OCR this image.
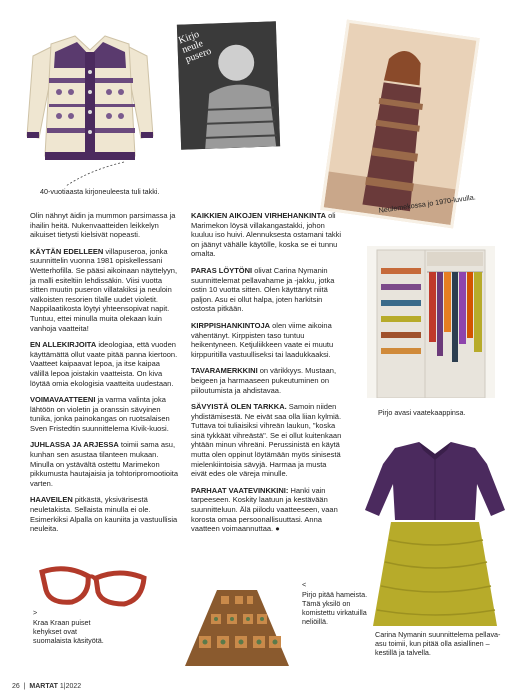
40-vuotiaasta kirjoneuleesta tuli takki.
Kirjo neule pusero
Neulemekossa jo 1970-luvulla.
Pirjo avasi vaatekaappinsa.

Olin nähnyt äidin ja mummon parsimassa ja ihailin heitä. Nukenvaatteiden leikkelyn aikuiset tietysti kielsivät nopeasti.

KÄYTÄN EDELLEEN villapuseroa, jonka suunnittelin vuonna 1981 opiskellessani Wetterhofilla. Se pääsi aikoinaan näyttelyyn, ja malli esiteltiin lehdissäkin. Viisi vuotta sitten muutin puseron villatakiksi ja neuloin valkoisten resorien tilalle uudet violetit. Nappilaatikosta löytyi yhteensopivat napit. Tuntuu, ettei minulla muita olekaan kuin vanhoja vaatteita!

EN ALLEKIRJOITA ideologiaa, että vuoden käyttämättä ollut vaate pitää panna kiertoon. Vaatteet kaipaavat lepoa, ja itse kaipaa välillä lepoa joistakin vaatteista. On kiva löytää omia ekologisia vaatteita uudestaan.

VOIMAVAATTEENI ja varma valinta joka lähtöön on violetin ja oranssin sävyinen tunika, jonka painokangas on ruotsalaisen Sven Fristedtin suunnittelema Kivik-kuosi.

JUHLASSA JA ARJESSA toimii sama asu, kunhan sen asustaa tilanteen mukaan. Minulla on ystävältä ostettu Marimekon pikkumusta hautajaisia ja tohtoripromootioita varten.

HAAVEILEN pitkästä, yksivärisestä neuletakista. Sellaista minulla ei ole. Esimerkiksi Alpalla on kauniita ja vastuullisia neuleita.

KAIKKIEN AIKOJEN VIRHEHANKINTA oli Marimekon löysä villakangastakki, johon kuuluu iso huivi. Alennuksesta ostamani takki on jäänyt vähälle käytölle, koska se ei tunnu omalta.

PARAS LÖYTÖNI olivat Carina Nymanin suunnittelemat pellavahame ja -jakku, jotka ostin 10 vuotta sitten. Olen käyttänyt niitä paljon. Asu ei ollut halpa, joten harkitsin ostosta pitkään.

KIRPPISHANKINTOJA olen viime aikoina vähentänyt. Kirppisten taso tuntuu heikentyneen. Ketjuliikkeen vaate ei muutu kirppuritilla vastuulliseksi tai laadukkaaksi.

TAVARAMERKKINI on värikkyys. Mustaan, beigeen ja harmaaseen pukeutuminen on piiloutumista ja ahdistavaa.

SÄVYISTÄ OLEN TARKKA. Samoin niiden yhdistämisestä. Ne eivät saa olla liian kylmiä. Tuttava toi tuliaisiksi vihreän laukun, "koska sinä tykkäät vihreästä". Se ei ollut kuitenkaan yhtään minun vihreäni. Perussinistä en käytä mutta olen oppinut löytämään myös sinisestä mielenkiintoisia sävyjä. Harmaa ja musta eivät edes ole väreja minulle.

PARHAAT VAATEVINKKINI: Hanki vain tarpeeseen. Koskity laatuun ja kestävään suunnitteluun. Älä piilodu vaatteeseen, vaan korosta omaa persoonallisuuttasi. Anna vaatteen voimaannuttaa. ●

Carina Nymanin suunnittelema pellava-asu toimii, kun pitää olla asiallinen – kestillä ja talvella.
>
Kraa Kraan puiset kehykset ovat suomalaista käsityötä.
<
Pirjo pitää hameista. Tämä yksilö on komistettu virkatuilla neliöillä.
26  |  MARTAT 1|2022
